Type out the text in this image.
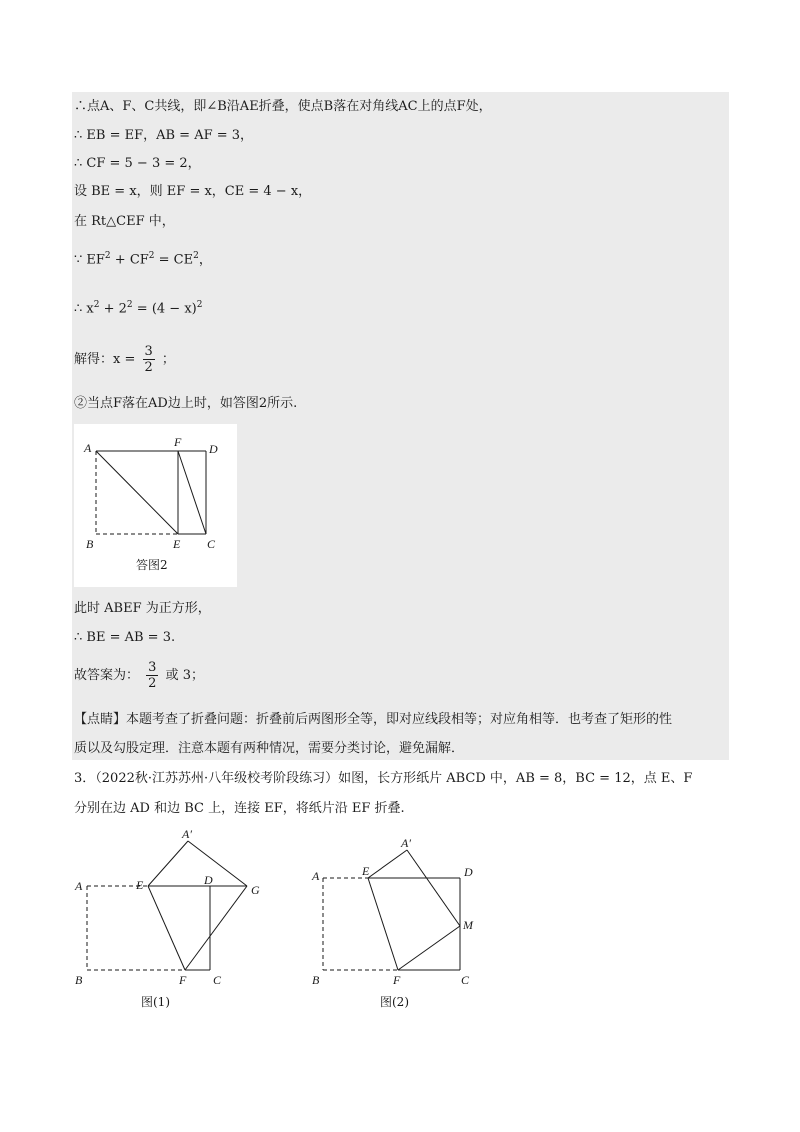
∴点A、F、C共线，即∠B沿AE折叠，使点B落在对角线AC上的点F处，
∴ EB = EF，AB = AF = 3，
∴ CF = 5 − 3 = 2，
设 BE = x，则 EF = x，CE = 4 − x，
在 Rt△CEF 中，
∵ $EF^2 + CF^2 = CE^2$，
∴ $x^2 + 2^2 = (4 - x)^2$
解得：$x = \frac{3}{2}$ ；
②当点F落在AD边上时，如答图2所示.
A	F D
B	E C
答图2
此时 ABEF 为正方形，
∴ BE = AB = 3.
故答案为： $\frac{3}{2}$ 或 3；
【点睛】本题考查了折叠问题：折叠前后两图形全等，即对应线段相等；对应角相等．也考查了矩形的性
质以及勾股定理．注意本题有两种情况，需要分类讨论，避免漏解．
3．（2022秋·江苏苏州·八年级校考阶段练习）如图，长方形纸片 ABCD 中，AB = 8，BC = 12，点 E、F
分别在边 AD 和边 BC 上，连接 EF，将纸片沿 EF 折叠.
A′
A	E	D
G
B	F C
图(1)
A′
A	E	D
M
B	F	C
图(2)
